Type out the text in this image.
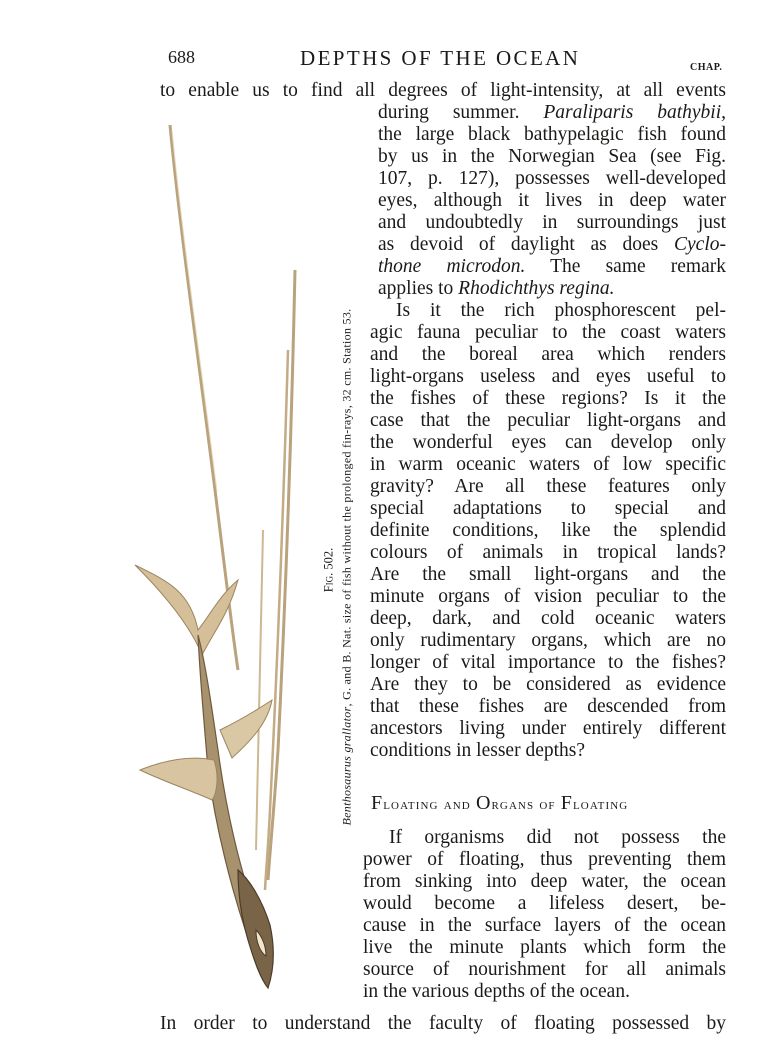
688	DEPTHS OF THE OCEAN	CHAP.
to enable us to find all degrees of light-intensity, at all events
Benthosaurus grallator, G. and B. Nat. size of fish without the prolonged fin-rays, 32 cm. Station 53.
Fig. 502.
during summer. Paraliparis bathybii,
the large black bathypelagic fish found
by us in the Norwegian Sea (see Fig.
107, p. 127), possesses well-developed
eyes, although it lives in deep water
and undoubtedly in surroundings just
as devoid of daylight as does Cyclo-
thone microdon. The same remark
applies to Rhodichthys regina.
Is it the rich phosphorescent pel-
agic fauna peculiar to the coast waters
and the boreal area which renders
light-organs useless and eyes useful to
the fishes of these regions? Is it the
case that the peculiar light-organs and
the wonderful eyes can develop only
in warm oceanic waters of low specific
gravity? Are all these features only
special adaptations to special and
definite conditions, like the splendid
colours of animals in tropical lands?
Are the small light-organs and the
minute organs of vision peculiar to the
deep, dark, and cold oceanic waters
only rudimentary organs, which are no
longer of vital importance to the fishes?
Are they to be considered as evidence
that these fishes are descended from
ancestors living under entirely different
conditions in lesser depths?
Floating and Organs of Floating
If organisms did not possess the
power of floating, thus preventing them
from sinking into deep water, the ocean
would become a lifeless desert, be-
cause in the surface layers of the ocean
live the minute plants which form the
source of nourishment for all animals
in the various depths of the ocean.
In order to understand the faculty of floating possessed by
